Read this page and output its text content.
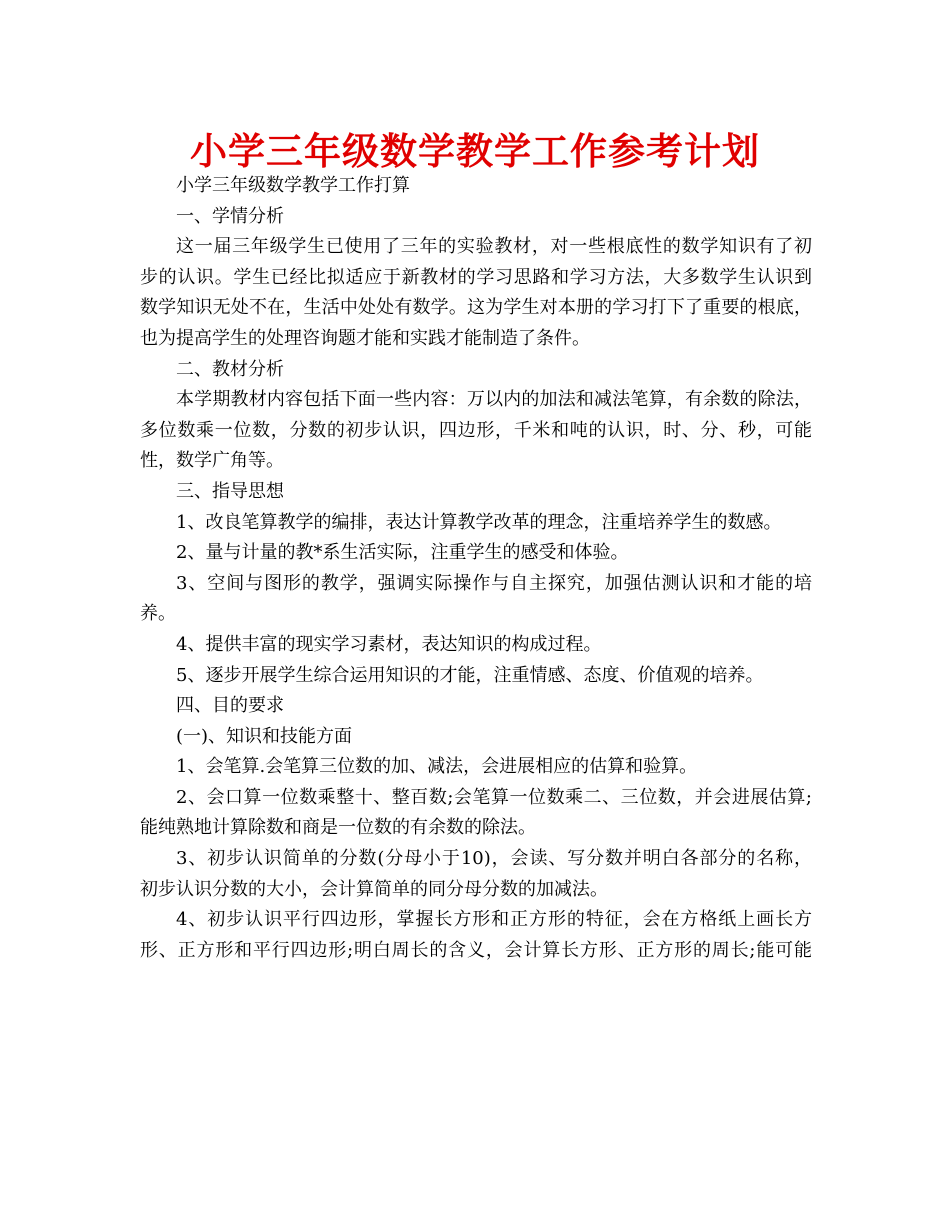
小学三年级数学教学工作参考计划
小学三年级数学教学工作打算
一、学情分析
这一届三年级学生已使用了三年的实验教材，对一些根底性的数学知识有了初
步的认识。学生已经比拟适应于新教材的学习思路和学习方法，大多数学生认识到
数学知识无处不在，生活中处处有数学。这为学生对本册的学习打下了重要的根底，
也为提高学生的处理咨询题才能和实践才能制造了条件。
二、教材分析
本学期教材内容包括下面一些内容：万以内的加法和减法笔算，有余数的除法，
多位数乘一位数，分数的初步认识，四边形，千米和吨的认识，时、分、秒，可能
性，数学广角等。
三、指导思想
1、改良笔算教学的编排，表达计算教学改革的理念，注重培养学生的数感。
2、量与计量的教*系生活实际，注重学生的感受和体验。
3、空间与图形的教学，强调实际操作与自主探究，加强估测认识和才能的培
养。
4、提供丰富的现实学习素材，表达知识的构成过程。
5、逐步开展学生综合运用知识的才能，注重情感、态度、价值观的培养。
四、目的要求
(一)、知识和技能方面
1、会笔算.会笔算三位数的加、减法，会进展相应的估算和验算。
2、会口算一位数乘整十、整百数;会笔算一位数乘二、三位数，并会进展估算;
能纯熟地计算除数和商是一位数的有余数的除法。
3、初步认识简单的分数(分母小于10)，会读、写分数并明白各部分的名称，
初步认识分数的大小，会计算简单的同分母分数的加减法。
4、初步认识平行四边形，掌握长方形和正方形的特征，会在方格纸上画长方
形、正方形和平行四边形;明白周长的含义，会计算长方形、正方形的周长;能可能
